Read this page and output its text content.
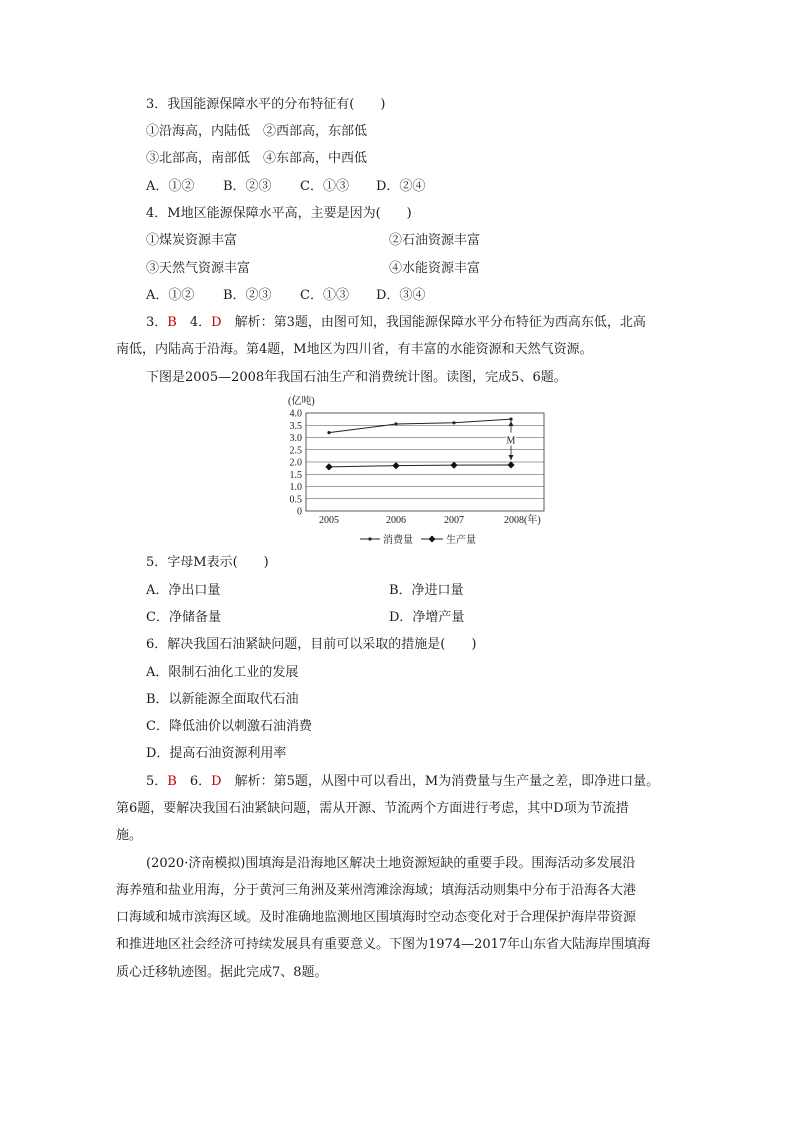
3．我国能源保障水平的分布特征有(　　)
①沿海高，内陆低　②西部高，东部低
③北部高，南部低　④东部高，中西低
A．①② B．②③ C．①③ D．②④
4．M地区能源保障水平高，主要是因为(　　)
①煤炭资源丰富	②石油资源丰富
③天然气资源丰富	④水能资源丰富
A．①② B．②③ C．①③ D．③④
3．B　4．D　解析：第3题，由图可知，我国能源保障水平分布特征为西高东低，北高
南低，内陆高于沿海。第4题，M地区为四川省，有丰富的水能资源和天然气资源。
下图是2005—2008年我国石油生产和消费统计图。读图，完成5、6题。
4.0
3.5
3.0
2.5
2.0
1.5
1.0
0.5
0
(亿吨)
2005	2006	2007	2008(年)
M
消费量	生产量
5．字母M表示(　　)
A．净出口量	B．净进口量
C．净储备量	D．净增产量
6．解决我国石油紧缺问题，目前可以采取的措施是(　　)
A．限制石油化工业的发展
B．以新能源全面取代石油
C．降低油价以刺激石油消费
D．提高石油资源利用率
5．B　6．D　解析：第5题，从图中可以看出，M为消费量与生产量之差，即净进口量。
第6题，要解决我国石油紧缺问题，需从开源、节流两个方面进行考虑，其中D项为节流措
施。
(2020·济南模拟)围填海是沿海地区解决土地资源短缺的重要手段。围海活动多发展沿
海养殖和盐业用海，分于黄河三角洲及莱州湾滩涂海域；填海活动则集中分布于沿海各大港
口海域和城市滨海区域。及时准确地监测地区围填海时空动态变化对于合理保护海岸带资源
和推进地区社会经济可持续发展具有重要意义。下图为1974—2017年山东省大陆海岸围填海
质心迁移轨迹图。据此完成7、8题。
